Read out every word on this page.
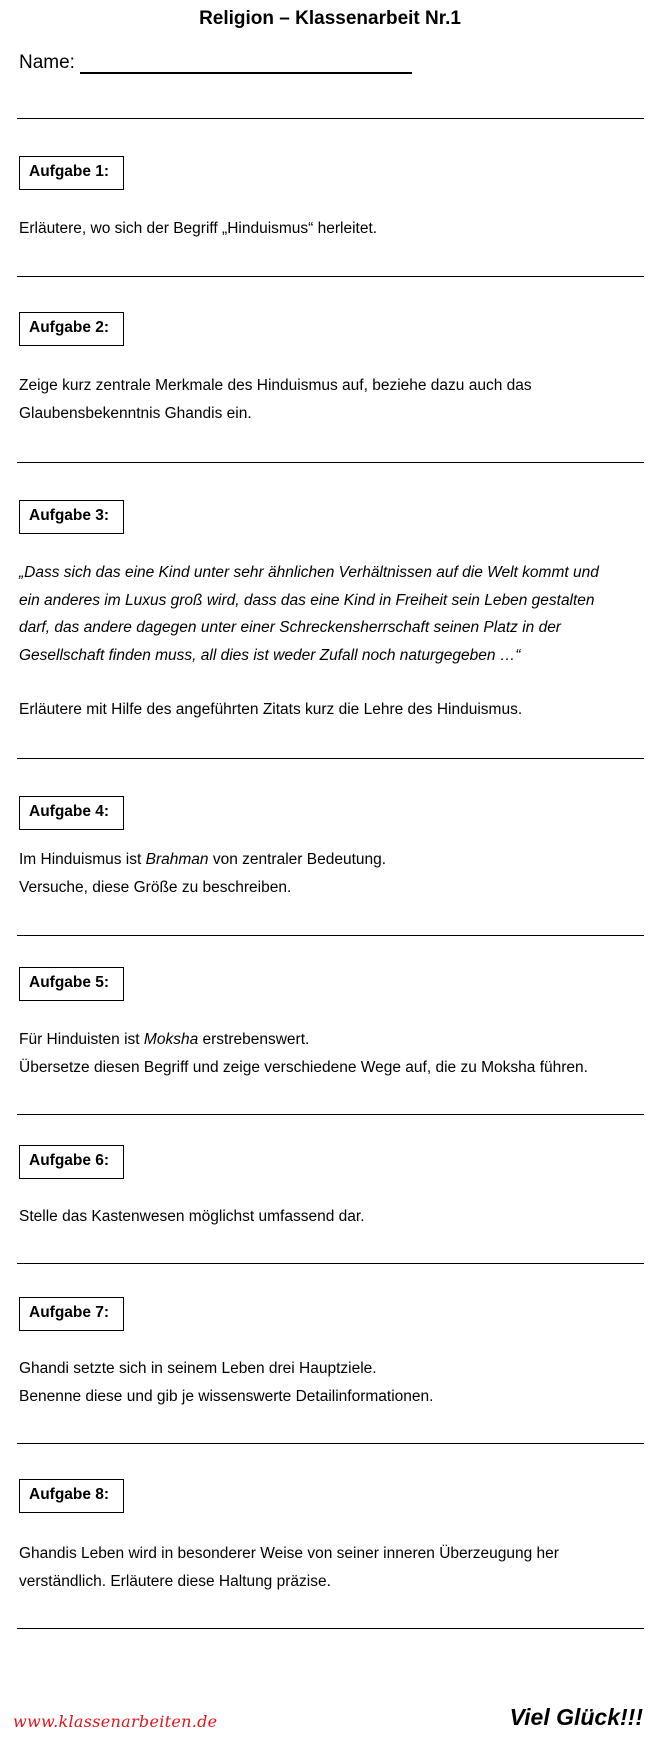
Religion – Klassenarbeit Nr.1
Name:
Aufgabe 1:
Erläutere, wo sich der Begriff „Hinduismus“ herleitet.
Aufgabe 2:
Zeige kurz zentrale Merkmale des Hinduismus auf, beziehe dazu auch das
Glaubensbekenntnis Ghandis ein.
Aufgabe 3:
„Dass sich das eine Kind unter sehr ähnlichen Verhältnissen auf die Welt kommt und
ein anderes im Luxus groß wird, dass das eine Kind in Freiheit sein Leben gestalten
darf, das andere dagegen unter einer Schreckensherrschaft seinen Platz in der
Gesellschaft finden muss, all dies ist weder Zufall noch naturgegeben …“
Erläutere mit Hilfe des angeführten Zitats kurz die Lehre des Hinduismus.
Aufgabe 4:
Im Hinduismus ist Brahman von zentraler Bedeutung.
Versuche, diese Größe zu beschreiben.
Aufgabe 5:
Für Hinduisten ist Moksha erstrebenswert.
Übersetze diesen Begriff und zeige verschiedene Wege auf, die zu Moksha führen.
Aufgabe 6:
Stelle das Kastenwesen möglichst umfassend dar.
Aufgabe 7:
Ghandi setzte sich in seinem Leben drei Hauptziele.
Benenne diese und gib je wissenswerte Detailinformationen.
Aufgabe 8:
Ghandis Leben wird in besonderer Weise von seiner inneren Überzeugung her
verständlich. Erläutere diese Haltung präzise.
www.klassenarbeiten.de	Viel Glück!!!
